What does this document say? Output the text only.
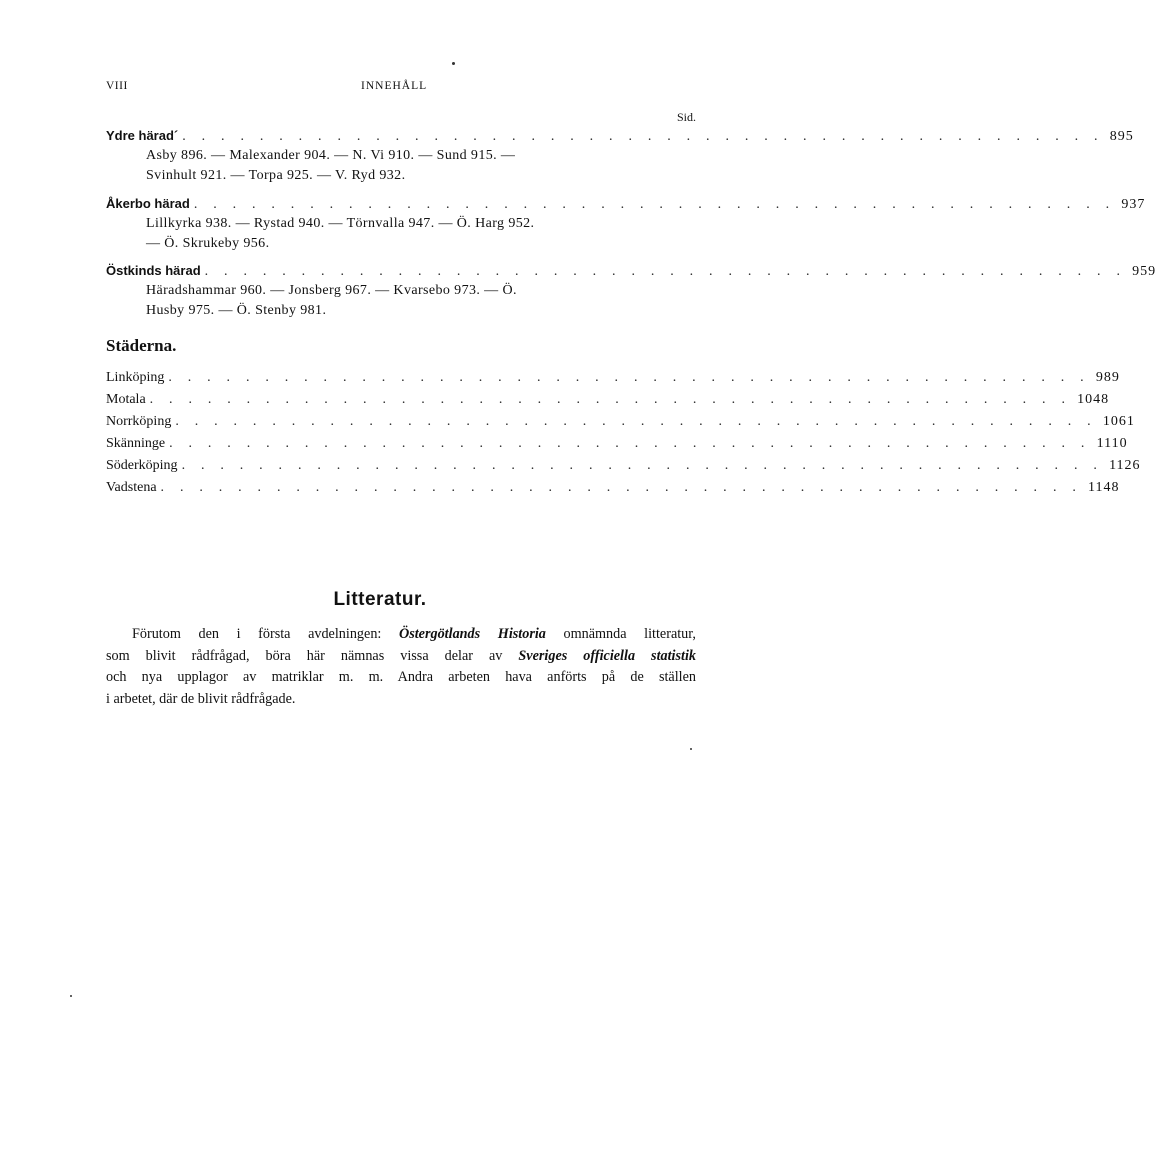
VIII	INNEHÅLL
Sid.
Ydre härad´ . . . . . . . . . . . . . . . . . . . . . . . . . . . . . . . . . . . . . . . . . . . . . . . . 895
Asby 896. — Malexander 904. — N. Vi 910. — Sund 915. —
Svinhult 921. — Torpa 925. — V. Ryd 932.
Åkerbo härad . . . . . . . . . . . . . . . . . . . . . . . . . . . . . . . . . . . . . . . . . . . . . . . . 937
Lillkyrka 938. — Rystad 940. — Törnvalla 947. — Ö. Harg 952.
— Ö. Skrukeby 956.
Östkinds härad . . . . . . . . . . . . . . . . . . . . . . . . . . . . . . . . . . . . . . . . . . . . . . . . 959
Häradshammar 960. — Jonsberg 967. — Kvarsebo 973. — Ö.
Husby 975. — Ö. Stenby 981.
Städerna.
Linköping . . . . . . . . . . . . . . . . . . . . . . . . . . . . . . . . . . . . . . . . . . . . . . . . 989
Motala . . . . . . . . . . . . . . . . . . . . . . . . . . . . . . . . . . . . . . . . . . . . . . . . 1048
Norrköping . . . . . . . . . . . . . . . . . . . . . . . . . . . . . . . . . . . . . . . . . . . . . . . . 1061
Skänninge . . . . . . . . . . . . . . . . . . . . . . . . . . . . . . . . . . . . . . . . . . . . . . . . 1110
Söderköping . . . . . . . . . . . . . . . . . . . . . . . . . . . . . . . . . . . . . . . . . . . . . . . . 1126
Vadstena . . . . . . . . . . . . . . . . . . . . . . . . . . . . . . . . . . . . . . . . . . . . . . . . 1148
Litteratur.
Förutom den i första avdelningen: Östergötlands Historia omnämnda litteratur,
som blivit rådfrågad, böra här nämnas vissa delar av Sveriges officiella statistik
och nya upplagor av matriklar m. m. Andra arbeten hava anförts på de ställen
i arbetet, där de blivit rådfrågade.
